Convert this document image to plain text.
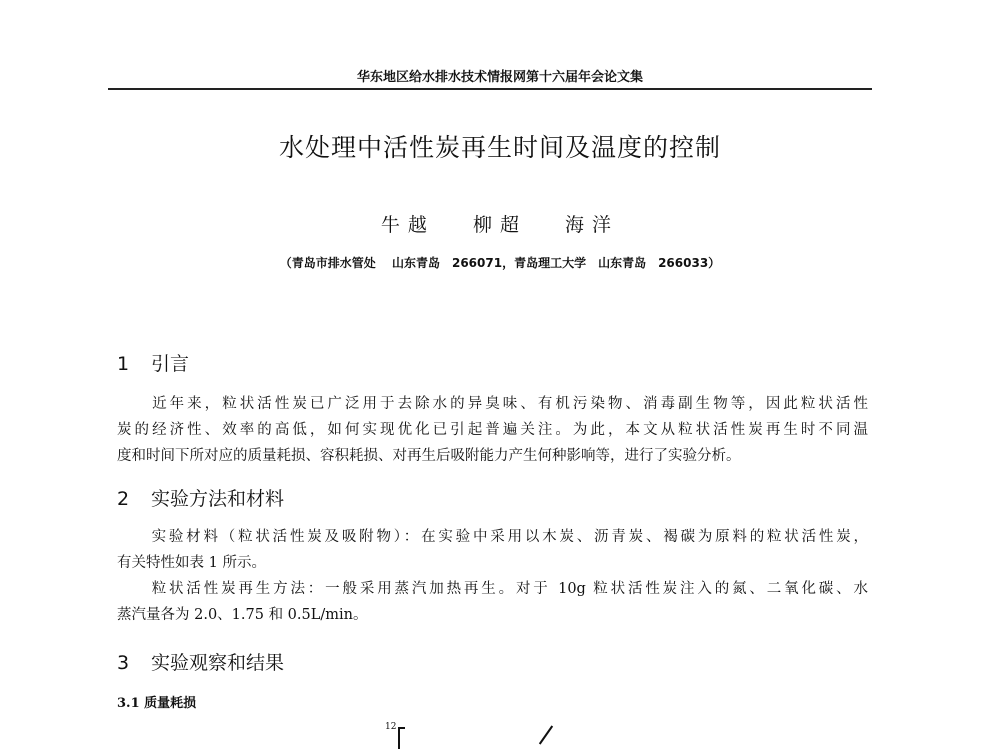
华东地区给水排水技术情报网第十六届年会论文集
水处理中活性炭再生时间及温度的控制
牛越 柳超 海洋
（青岛市排水管处　 山东青岛　266071，青岛理工大学　山东青岛　266033）
1 引言
　　近年来，粒状活性炭已广泛用于去除水的异臭味、有机污染物、消毒副生物等，因此粒状活性
炭的经济性、效率的高低，如何实现优化已引起普遍关注。为此，本文从粒状活性炭再生时不同温
度和时间下所对应的质量耗损、容积耗损、对再生后吸附能力产生何种影响等，进行了实验分析。
2 实验方法和材料
　　实验材料（粒状活性炭及吸附物）：在实验中采用以木炭、沥青炭、褐碳为原料的粒状活性炭，
有关特性如表 1 所示。
　　粒状活性炭再生方法：一般采用蒸汽加热再生。对于 10g 粒状活性炭注入的氮、二氧化碳、水
蒸汽量各为 2.0、1.75 和 0.5L/min。
3 实验观察和结果
3.1 质量耗损
12
